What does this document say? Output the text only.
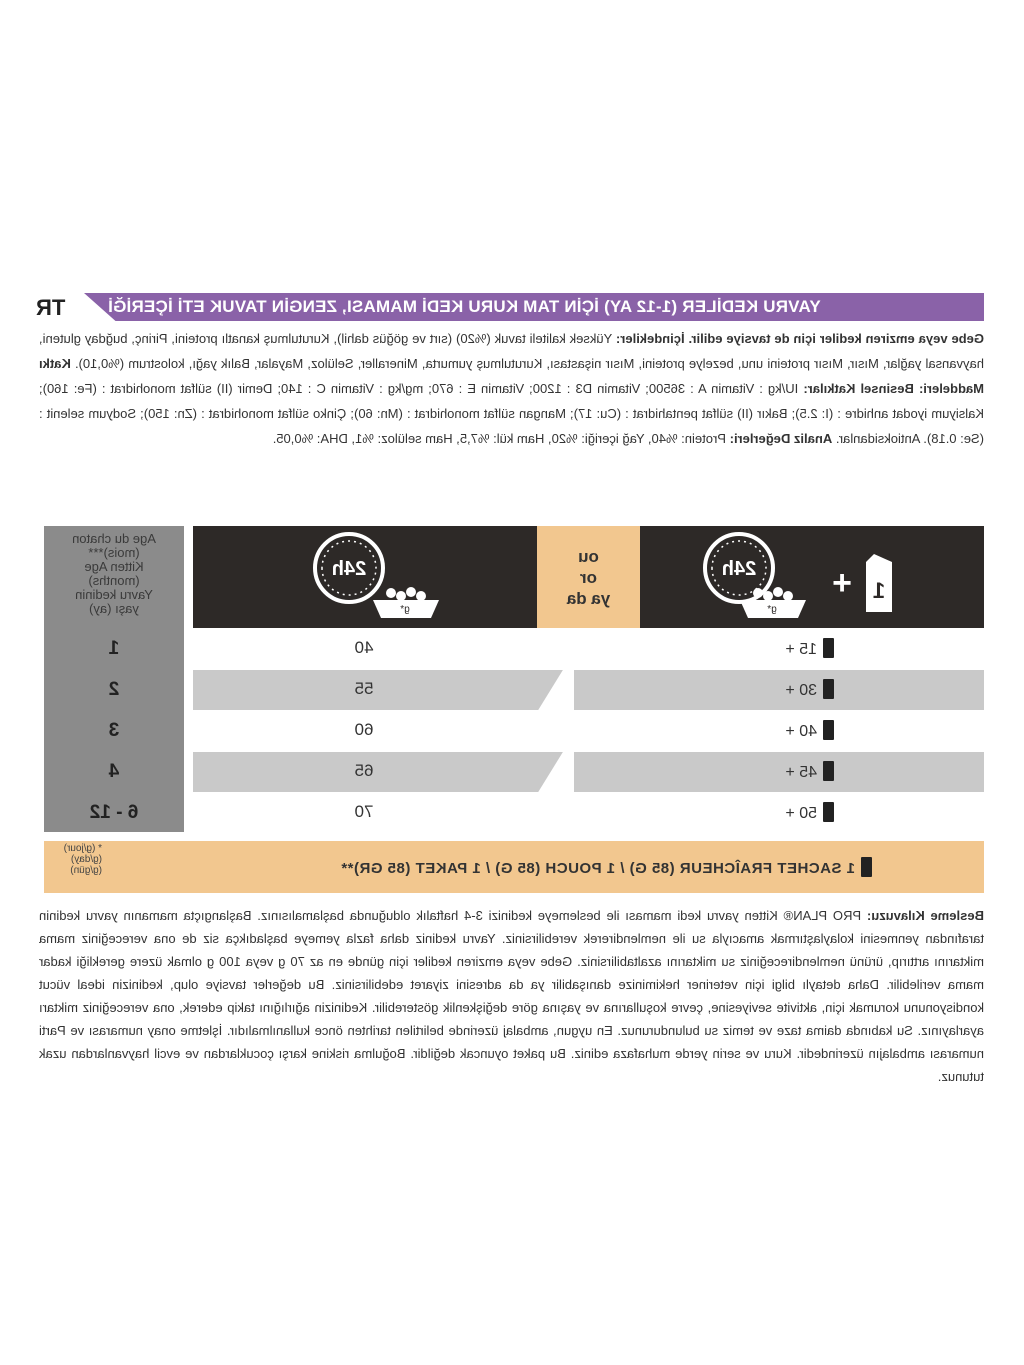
YAVRU KEDİLER (1-12 AY) İÇİN TAM KURU KEDİ MAMASI, ZENGİN TAVUK ETİ İÇERİĞİ
TR
Gebe veya emziren kediler için de tavsiye edilir. İçindekiler: Yüksek kaliteli tavuk (%20) (sırt ve göğüs dahil), Kurutulmuş kanatlı proteini, Pirinç, buğday gluteni, hayvansal yağlar, Mısır, Mısır proteini unu, bezelye proteini, Mısır nişastası, Kurutulmuş yumurta, Mineraller, Selüloz, Mayalar, Balık yağı, kolostrum (%0,10). Katkı Maddeleri: Besinsel Katkılar: IU/kg : Vitamin A : 36500; Vitamin D3 : 1200; Vitamin E : 670; mg/kg : Vitamin C : 140; Demir (II) sülfat monohidrat : (Fe: 160); Kalsiyum iyodat anhidre : (I: 2.5); Bakır (II) sülfat pentahidrat : (Cu: 17); Mangan sülfat monohidrat : (Mn: 60); Çinko sülfat monohidrat : (Zn: 150); Sodyum selenit : (Se: 0.18). Antioksidanlar. Analiz Değerleri: Protein: %40, Yağ içeriği: %20, Ham kül: %7,5, Ham selüloz: %1, DHA: %0,05.
24h
g*
+ 1
ou
or
ya da
24h
g*
Age du chaton
(mois)***
Kitten Age
(months)
Yavru kedinin
yaşı (ay)
1
2
3
4
6 - 12
15 +
40
30 +
55
40 +
60
45 +
65
50 +
70
1 SACHET FRAÎCHEUR (85 G) / 1 POUCH (85 G) / 1 PAKET (85 GR)**
* (g/jour)
(g/day)
(g/gün)
Besleme Kılavuzu: PRO PLAN® Kitten yavru kedi maması ile beslemeye kedinizi 3-4 haftalık olduğunda başlamalısınız. Başlangıçta mamanın yavru kedinin tarafından yenmesini kolaylaştırmak amacıyla su ile nemlendirerek verebilirsiniz. Yavru kediniz daha fazla yemeye başladıkça siz de ona vereceğiniz mama miktarını arttırıp, ürünü nemlendireceğiniz su miktarını azaltabilirsiniz. Gebe veya emziren kediler için günde en az 70 g veya 100 g olmak üzere gerekliği kadar mama verilebilir. Daha detaylı bilgi için veteriner hekiminize danışabilir ya da adresini ziyaret edebilirsiniz. Bu değerler tavsiye olup, kedinizin ideal vücut kondisyonunu korumak için, aktivite seviyesine, çevre koşullarına ve yaşına göre değişkenlik gösterebilir. Kedinizin ağırlığını takip ederek, ona vereceğiniz miktarı ayarlayınız. Su kabında daima taze ve temiz su bulundurunuz. En uygun, ambalaj üzerinde belirtilen tarihten önce kullanılmalıdır. İşletme onay numarası ve Parti numarası ambalajın üzerindedir. Kuru ve serin yerde muhafaza ediniz. Bu paket oyuncak değildir. Boğulma riskine karşı çocuklardan ve evcil hayvanlardan uzak tutunuz.
